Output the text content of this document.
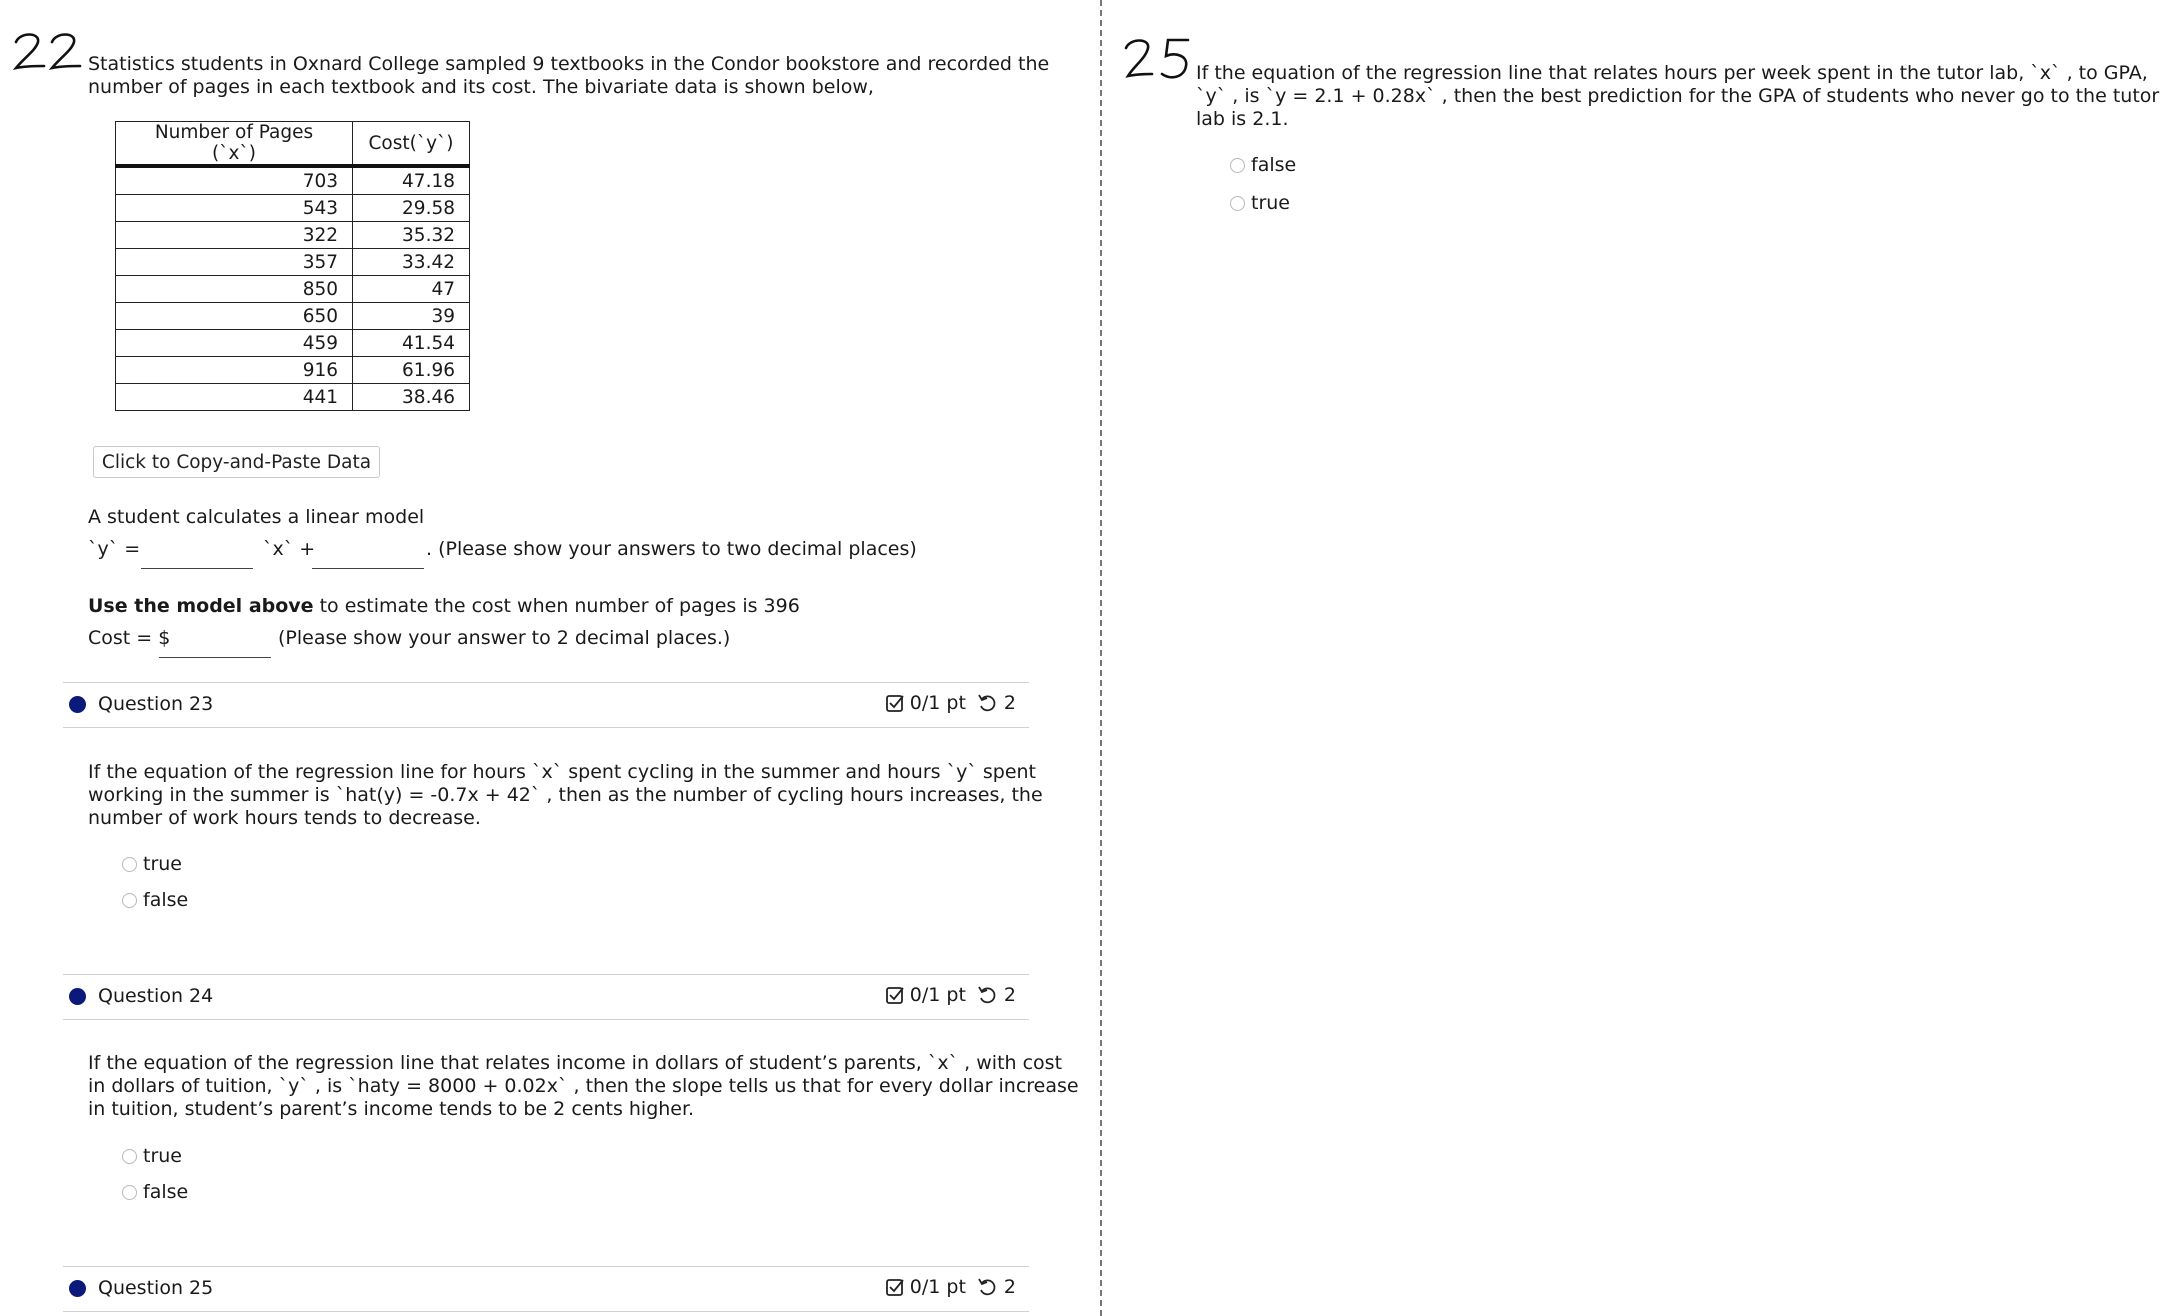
Statistics students in Oxnard College sampled 9 textbooks in the Condor bookstore and recorded the
number of pages in each textbook and its cost. The bivariate data is shown below,
Number of Pages (`x`)	Cost(`y`)
703	47.18
543	29.58
322	35.32
357	33.42
850	47
650	39
459	41.54
916	61.96
441	38.46
Click to Copy-and-Paste Data
A student calculates a linear model
`y` =	`x` +	. (Please show your answers to two decimal places)
Use the model above to estimate the cost when number of pages is 396
Cost = $	(Please show your answer to 2 decimal places.)
Question 23	0/1 pt 2
If the equation of the regression line for hours `x` spent cycling in the summer and hours `y` spent
working in the summer is `hat(y) = -0.7x + 42` , then as the number of cycling hours increases, the
number of work hours tends to decrease.
true
false
Question 24	0/1 pt 2
If the equation of the regression line that relates income in dollars of student’s parents, `x` , with cost
in dollars of tuition, `y` , is `haty = 8000 + 0.02x` , then the slope tells us that for every dollar increase
in tuition, student’s parent’s income tends to be 2 cents higher.
true
false
Question 25	0/1 pt 2
If the equation of the regression line that relates hours per week spent in the tutor lab, `x` , to GPA,
`y` , is `y = 2.1 + 0.28x` , then the best prediction for the GPA of students who never go to the tutor
lab is 2.1.
false
true
